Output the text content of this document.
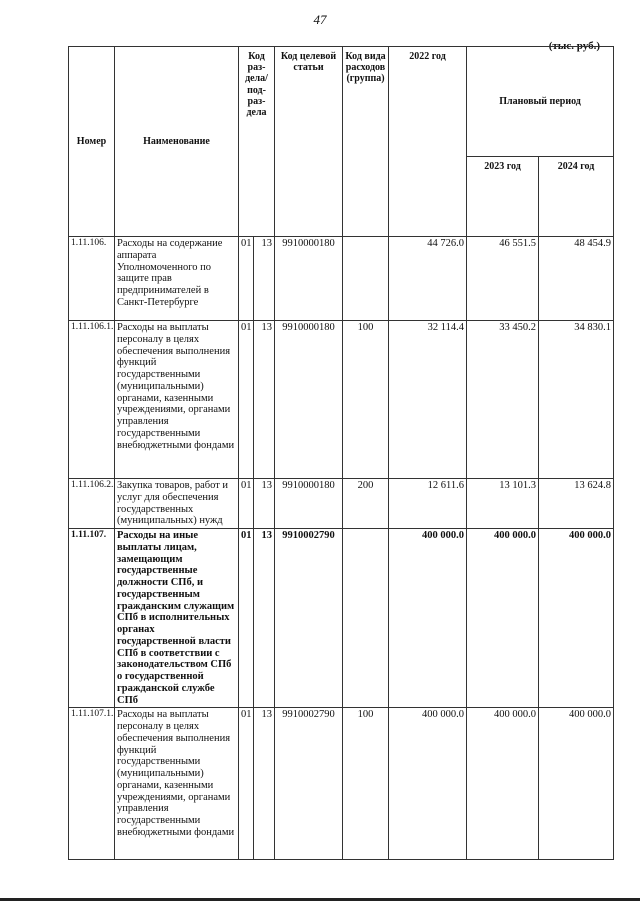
47
(тыс. руб.)
Номер	Наименование	Код раз-дела/ под-раз-дела		Код целевой статьи	Код вида расходов (группа)	2022 год	Плановый период	
							2023 год	2024 год
1.11.106.	Расходы на содержание аппарата Уполномоченного по защите прав предпринимателей в Санкт-Петербурге	01	13	9910000180		44 726.0	46 551.5	48 454.9
1.11.106.1.	Расходы на выплаты персоналу в целях обеспечения выполнения функций государственными (муниципальными) органами, казенными учреждениями, органами управления государственными внебюджетными фондами	01	13	9910000180	100	32 114.4	33 450.2	34 830.1
1.11.106.2.	Закупка товаров, работ и услуг для обеспечения государственных (муниципальных) нужд	01	13	9910000180	200	12 611.6	13 101.3	13 624.8
1.11.107.	Расходы на иные выплаты лицам, замещающим государственные должности СПб, и государственным гражданским служащим СПб в исполнительных органах государственной власти СПб в соответствии с законодательством СПб о государственной гражданской службе СПб	01	13	9910002790		400 000.0	400 000.0	400 000.0
1.11.107.1.	Расходы на выплаты персоналу в целях обеспечения выполнения функций государственными (муниципальными) органами, казенными учреждениями, органами управления государственными внебюджетными фондами	01	13	9910002790	100	400 000.0	400 000.0	400 000.0
